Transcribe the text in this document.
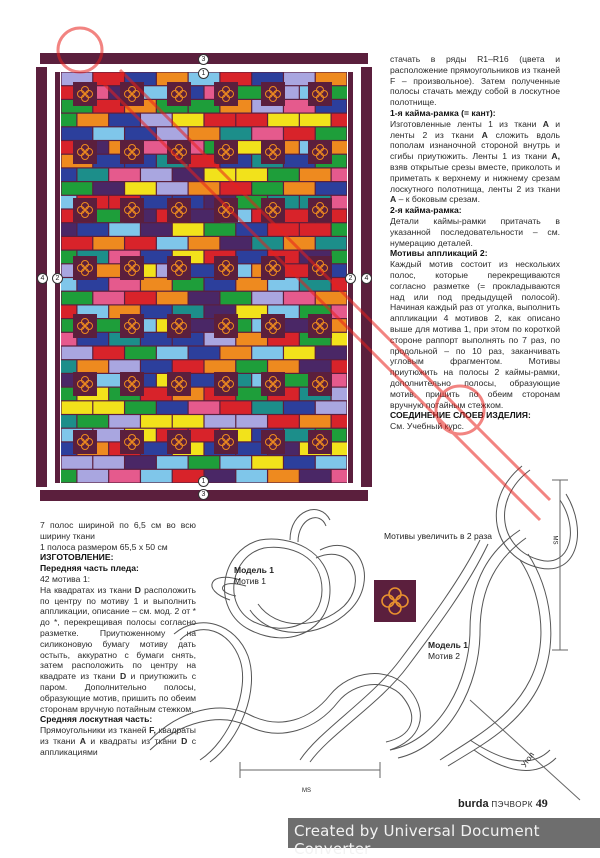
3
1
1
3
4	2	2	4

стачать в ряды R1–R16 (цвета и расположение прямоугольников из тканей F – произвольное). Затем полученные полосы стачать между собой в лоскутное полотнище.

1-я кайма-рамка (= кант):

Изготовленные ленты 1 из ткани A и ленты 2 из ткани A сложить вдоль пополам изнаночной стороной внутрь и сгибы приутюжить. Ленты 1 из ткани A, взяв открытые срезы вместе, приколоть и приметать к верхнему и нижнему срезам лоскутного полотнища, ленты 2 из ткани A – к боковым срезам.

2-я кайма-рамка:

Детали каймы-рамки притачать в указанной последовательности – см. нумерацию деталей.

Мотивы аппликаций 2:

Каждый мотив состоит из нескольких полос, которые перекрещиваются согласно разметке (= прокладываются над или под предыдущей полосой). Начиная каждый раз от уголка, выполнить аппликации 4 мотивов 2, как описано выше для мотива 1, при этом по короткой стороне раппорт выполнять по 7 раз, по продольной – по 10 раз, заканчивать угловым фрагментом. Мотивы приутюжить на полосы 2 каймы-рамки, дополнительно полосы, образующие мотив, пришить по обеим сторонам вручную потайным стежком.

СОЕДИНЕНИЕ СЛОЕВ ИЗДЕЛИЯ:

См. Учебный курс.

7 полос шириной по 6,5 см во всю ширину ткани

1 полоса размером 65,5 х 50 см

ИЗГОТОВЛЕНИЕ:

Передняя часть пледа:

42 мотива 1:

На квадратах из ткани D расположить по центру по мотиву 1 и выполнить аппликации, описание – см. мод. 2 от * до *, перекрещивая полосы согласно разметке. Приутюженному на силиконовую бумагу мотиву дать остыть, аккуратно с бумаги снять, затем расположить по центру на квадрате из ткани D и приутюжить с паром. Дополнительно полосы, образующие мотив, пришить по обеим сторонам вручную потайным стежком.

Средняя лоскутная часть:

Прямоугольники из тканей F, квадраты из ткани A и квадраты из ткани D с аппликациями

Мотивы увеличить в 2 раза
Модель 1
Мотив 1
Модель 1
Мотив 2
MS
MS
Угол
burda ПЭЧВОРК 49
Created by Universal Document Converter
